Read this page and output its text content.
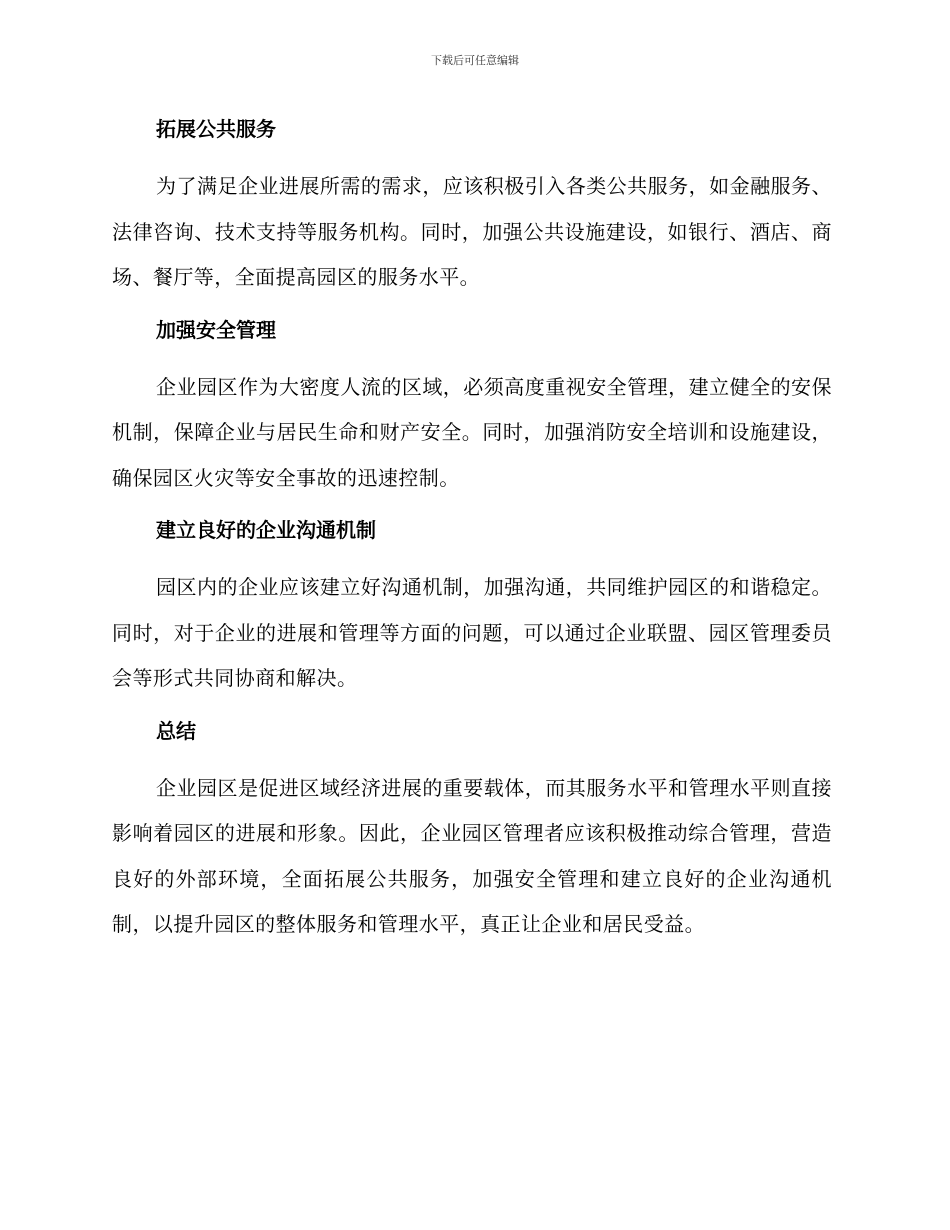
下载后可任意编辑
拓展公共服务

为了满足企业进展所需的需求，应该积极引入各类公共服务，如金融服务、法律咨询、技术支持等服务机构。同时，加强公共设施建设，如银行、酒店、商场、餐厅等，全面提高园区的服务水平。

加强安全管理

企业园区作为大密度人流的区域，必须高度重视安全管理，建立健全的安保机制，保障企业与居民生命和财产安全。同时，加强消防安全培训和设施建设，确保园区火灾等安全事故的迅速控制。

建立良好的企业沟通机制

园区内的企业应该建立好沟通机制，加强沟通，共同维护园区的和谐稳定。同时，对于企业的进展和管理等方面的问题，可以通过企业联盟、园区管理委员会等形式共同协商和解决。

总结

企业园区是促进区域经济进展的重要载体，而其服务水平和管理水平则直接影响着园区的进展和形象。因此，企业园区管理者应该积极推动综合管理，营造良好的外部环境，全面拓展公共服务，加强安全管理和建立良好的企业沟通机制，以提升园区的整体服务和管理水平，真正让企业和居民受益。
